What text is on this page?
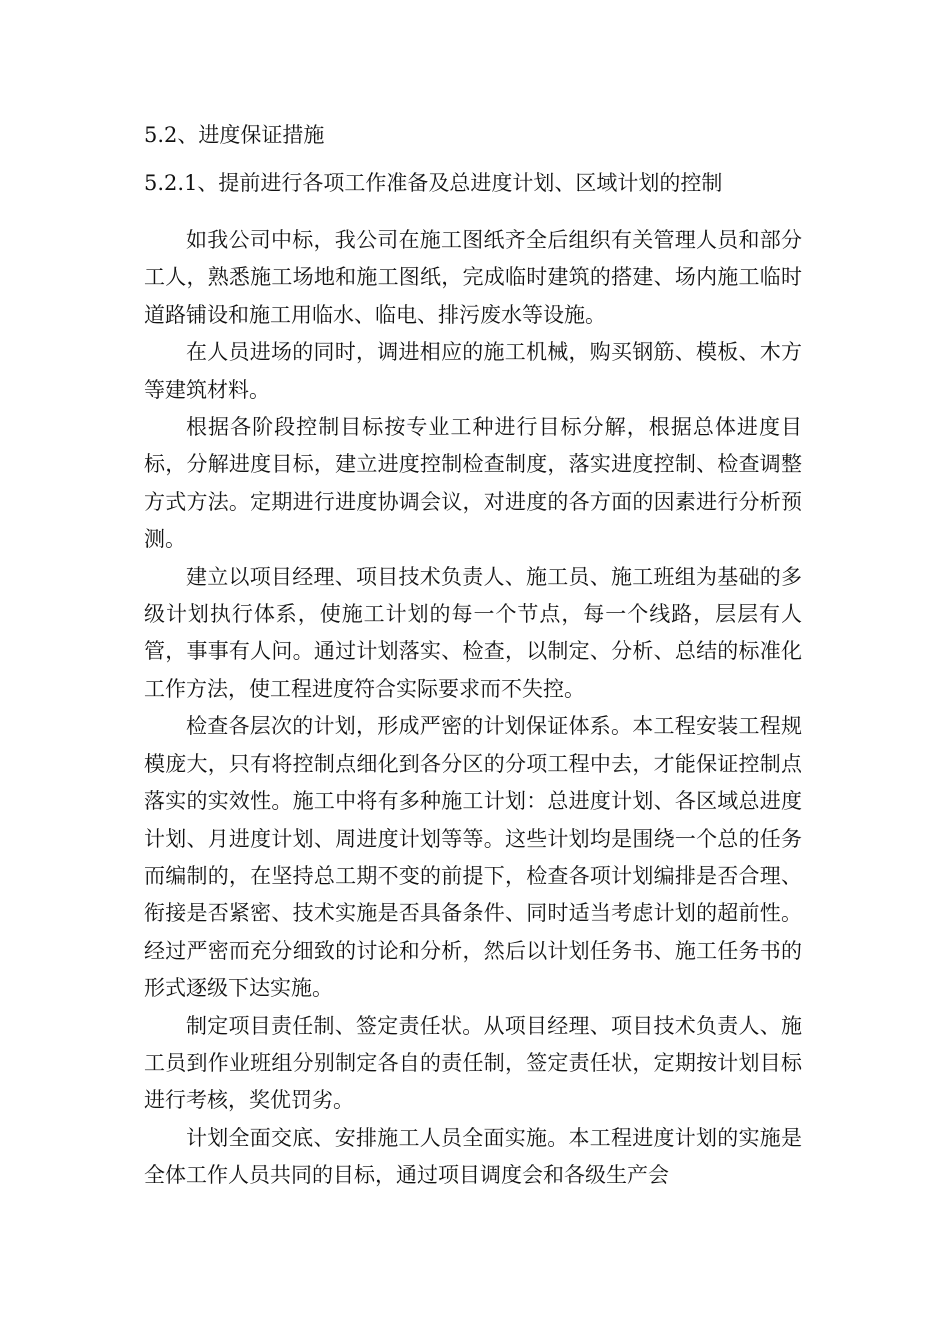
5.2、进度保证措施

5.2.1、提前进行各项工作准备及总进度计划、区域计划的控制

如我公司中标，我公司在施工图纸齐全后组织有关管理人员和部分工人，熟悉施工场地和施工图纸，完成临时建筑的搭建、场内施工临时道路铺设和施工用临水、临电、排污废水等设施。

在人员进场的同时，调进相应的施工机械，购买钢筋、模板、木方等建筑材料。

根据各阶段控制目标按专业工种进行目标分解，根据总体进度目标，分解进度目标，建立进度控制检查制度，落实进度控制、检查调整方式方法。定期进行进度协调会议，对进度的各方面的因素进行分析预测。

建立以项目经理、项目技术负责人、施工员、施工班组为基础的多级计划执行体系，使施工计划的每一个节点，每一个线路，层层有人管，事事有人问。通过计划落实、检查，以制定、分析、总结的标准化工作方法，使工程进度符合实际要求而不失控。

检查各层次的计划，形成严密的计划保证体系。本工程安装工程规模庞大，只有将控制点细化到各分区的分项工程中去，才能保证控制点落实的实效性。施工中将有多种施工计划：总进度计划、各区域总进度计划、月进度计划、周进度计划等等。这些计划均是围绕一个总的任务而编制的，在坚持总工期不变的前提下，检查各项计划编排是否合理、衔接是否紧密、技术实施是否具备条件、同时适当考虑计划的超前性。经过严密而充分细致的讨论和分析，然后以计划任务书、施工任务书的形式逐级下达实施。

制定项目责任制、签定责任状。从项目经理、项目技术负责人、施工员到作业班组分别制定各自的责任制，签定责任状，定期按计划目标进行考核，奖优罚劣。

计划全面交底、安排施工人员全面实施。本工程进度计划的实施是全体工作人员共同的目标，通过项目调度会和各级生产会
